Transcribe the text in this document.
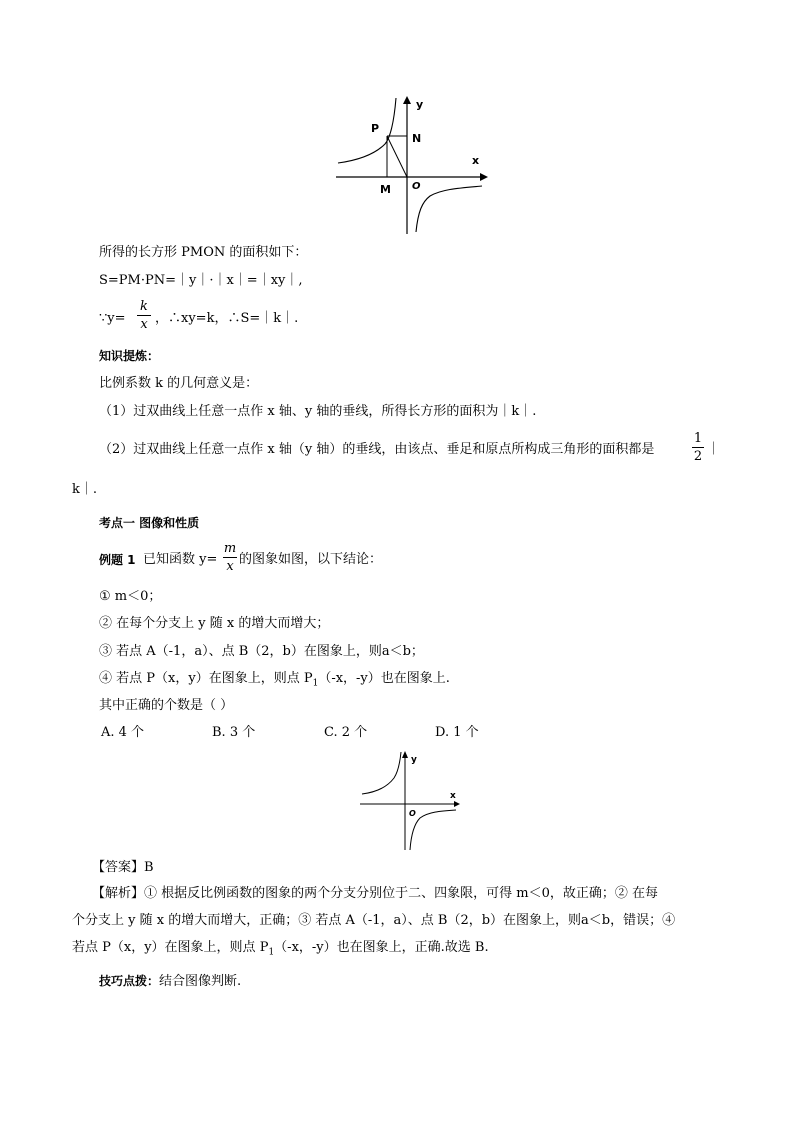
P
N
M O
x
y
所得的长方形 PMON 的面积如下：
S=PM·PN=｜y｜·｜x｜=｜xy｜,
∵y=
k
x ，∴xy=k，∴S=｜k｜.
知识提炼：
比例系数 k 的几何意义是：
（1）过双曲线上任意一点作 x 轴、y 轴的垂线，所得长方形的面积为｜k｜.
（2）过双曲线上任意一点作 x 轴（y 轴）的垂线，由该点、垂足和原点所构成三角形的面积都是
1
2 ｜
k｜.
考点一 图像和性质
例题 1 已知函数 y=
m
x 的图象如图，以下结论：
① m＜0；
② 在每个分支上 y 随 x 的增大而增大；
③ 若点 A（-1，a）、点 B（2，b）在图象上，则a＜b；
④ 若点 P（x，y）在图象上，则点 $P_1(-x$，-y）也在图象上.
其中正确的个数是（ ）
A. 4 个	B. 3 个	C. 2 个	D. 1 个
y
x
O
【答案】B
【解析】① 根据反比例函数的图象的两个分支分别位于二、四象限，可得 m＜0，故正确；② 在每
个分支上 y 随 x 的增大而增大，正确；③ 若点 A（-1，a）、点 B（2，b）在图象上，则a＜b，错误；④
若点 P（x，y）在图象上，则点 $P_1(-x$，-y）也在图象上，正确.故选 B.
技巧点拨：结合图像判断.
